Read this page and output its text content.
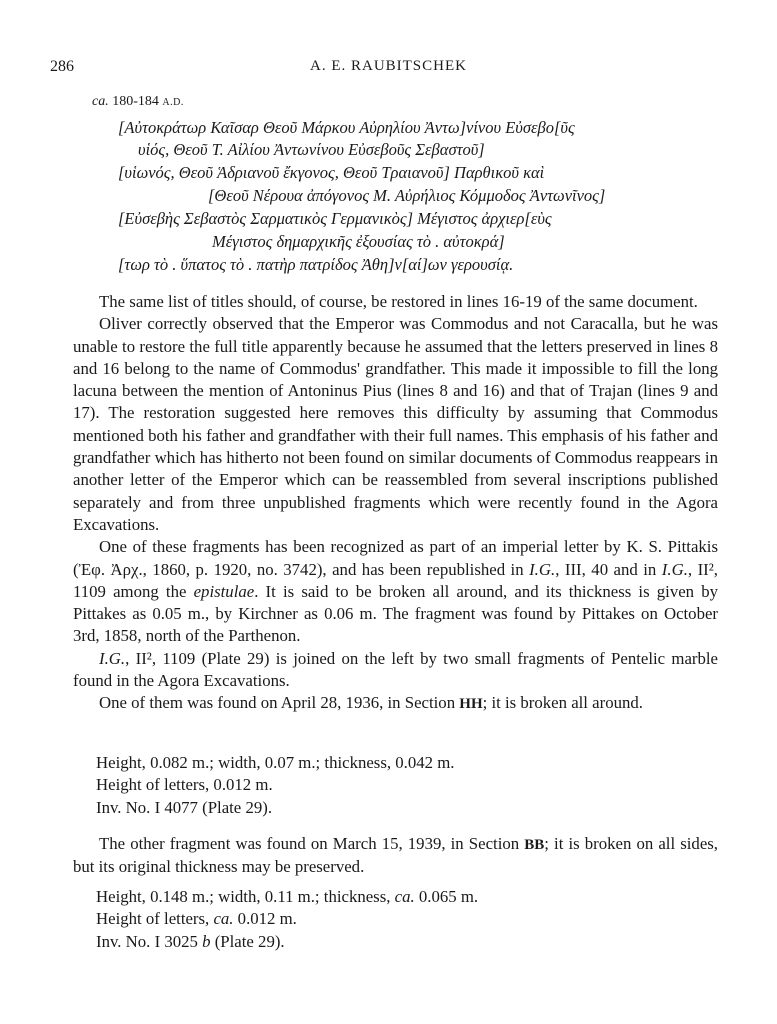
286	A. E. RAUBITSCHEK
ca. 180-184 A.D.
[Αὐτοκράτωρ Καῖσαρ Θεοῦ Μάρκου Αὐρηλίου Ἀντω]νίνου Εὐσεβο[ῦς
υἱός, Θεοῦ Τ. Αἰλίου Ἀντωνίνου Εὐσεβοῦς Σεβαστοῦ]
[υἱωνός, Θεοῦ Ἁδριανοῦ ἔκγονος, Θεοῦ Τραιανοῦ] Παρθικοῦ καὶ
[Θεοῦ Νέρουα ἀπόγονος Μ. Αὐρήλιος Κόμμοδος Ἀντωνῖνος]
[Εὐσεβὴς Σεβαστὸς Σαρματικὸς Γερμανικὸς] Μέγιστος ἀρχιερ[εὺς
Μέγιστος δημαρχικῆς ἐξουσίας τὸ . αὐτοκρά]
[τωρ τὸ . ὕπατος τὸ . πατὴρ πατρίδος Ἀθη]ν[αί]ων γερουσίᾳ.

The same list of titles should, of course, be restored in lines 16-19 of the same document.

Oliver correctly observed that the Emperor was Commodus and not Caracalla, but he was unable to restore the full title apparently because he assumed that the letters preserved in lines 8 and 16 belong to the name of Commodus' grandfather. This made it impossible to fill the long lacuna between the mention of Antoninus Pius (lines 8 and 16) and that of Trajan (lines 9 and 17). The restoration suggested here removes this difficulty by assuming that Commodus mentioned both his father and grandfather with their full names. This emphasis of his father and grandfather which has hitherto not been found on similar documents of Commodus reappears in another letter of the Emperor which can be reassembled from several inscriptions published separately and from three unpublished fragments which were recently found in the Agora Excavations.

One of these fragments has been recognized as part of an imperial letter by K. S. Pittakis (Ἐφ. Ἀρχ., 1860, p. 1920, no. 3742), and has been republished in I.G., III, 40 and in I.G., II², 1109 among the epistulae. It is said to be broken all around, and its thickness is given by Pittakes as 0.05 m., by Kirchner as 0.06 m. The fragment was found by Pittakes on October 3rd, 1858, north of the Parthenon.

I.G., II², 1109 (Plate 29) is joined on the left by two small fragments of Pentelic marble found in the Agora Excavations.

One of them was found on April 28, 1936, in Section HH; it is broken all around.

Height, 0.082 m.; width, 0.07 m.; thickness, 0.042 m.
Height of letters, 0.012 m.
Inv. No. I 4077 (Plate 29).

The other fragment was found on March 15, 1939, in Section BB; it is broken on all sides, but its original thickness may be preserved.

Height, 0.148 m.; width, 0.11 m.; thickness, ca. 0.065 m.
Height of letters, ca. 0.012 m.
Inv. No. I 3025 b (Plate 29).
